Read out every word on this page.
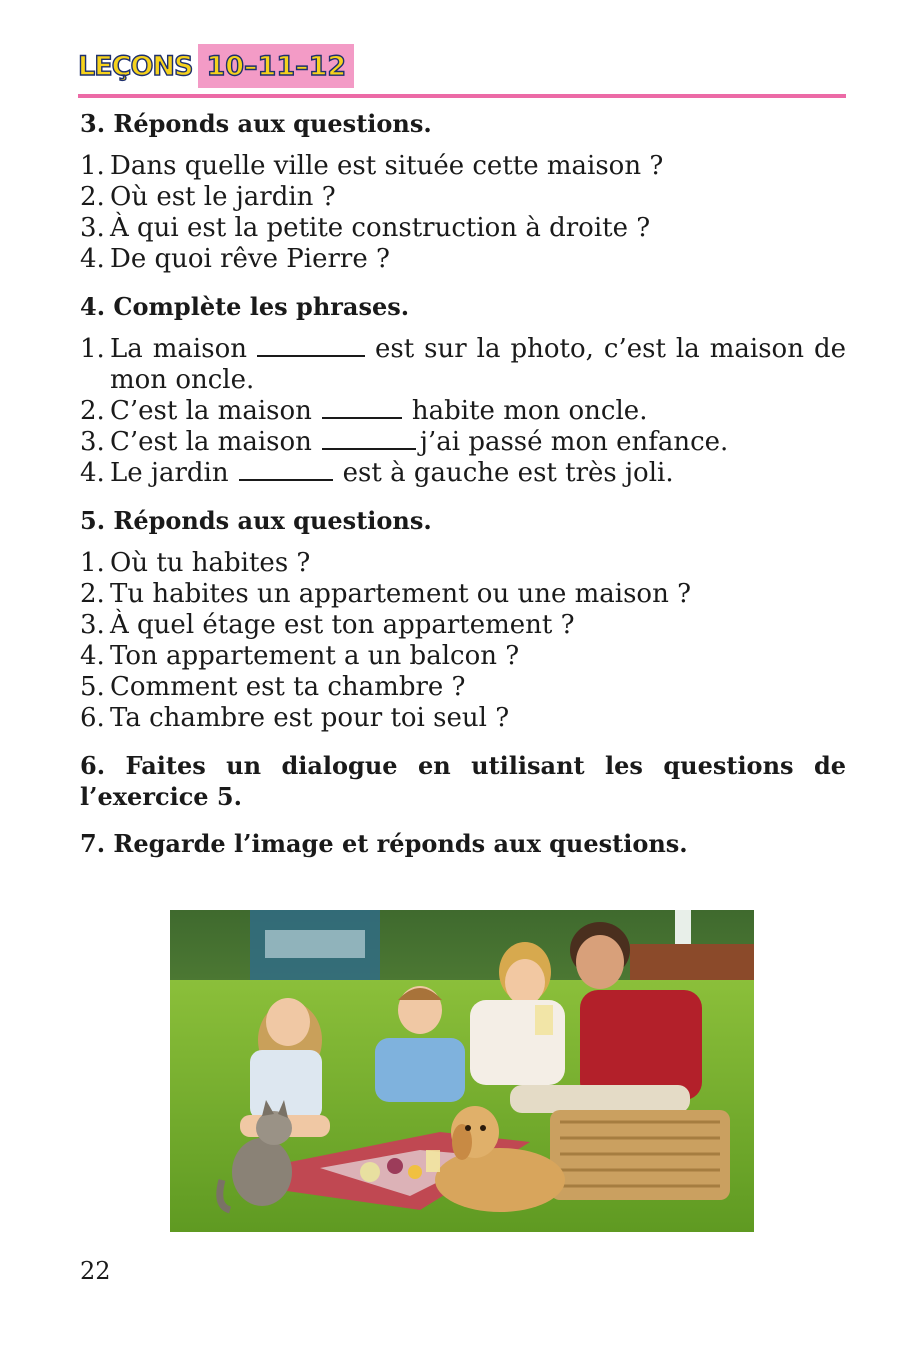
LEÇONS 10–11–12

3. Réponds aux questions.

1. Dans quelle ville est située cette maison ?
2. Où est le jardin ?
3. À qui est la petite construction à droite ?
4. De quoi rêve Pierre ?

4. Complète les phrases.

1. La maison	est sur la photo, c’est la maison de mon oncle.
2. C’est la maison	habite mon oncle.
3. C’est la maison	j’ai passé mon enfance.
4. Le jardin	est à gauche est très joli.

5. Réponds aux questions.

1. Où tu habites ?
2. Tu habites un appartement ou une maison ?
3. À quel étage est ton appartement ?
4. Ton appartement a un balcon ?
5. Comment est ta chambre ?
6. Ta chambre est pour toi seul ?

6. Faites un dialogue en utilisant les questions de l’exercice 5.

7. Regarde l’image et réponds aux questions.

22
